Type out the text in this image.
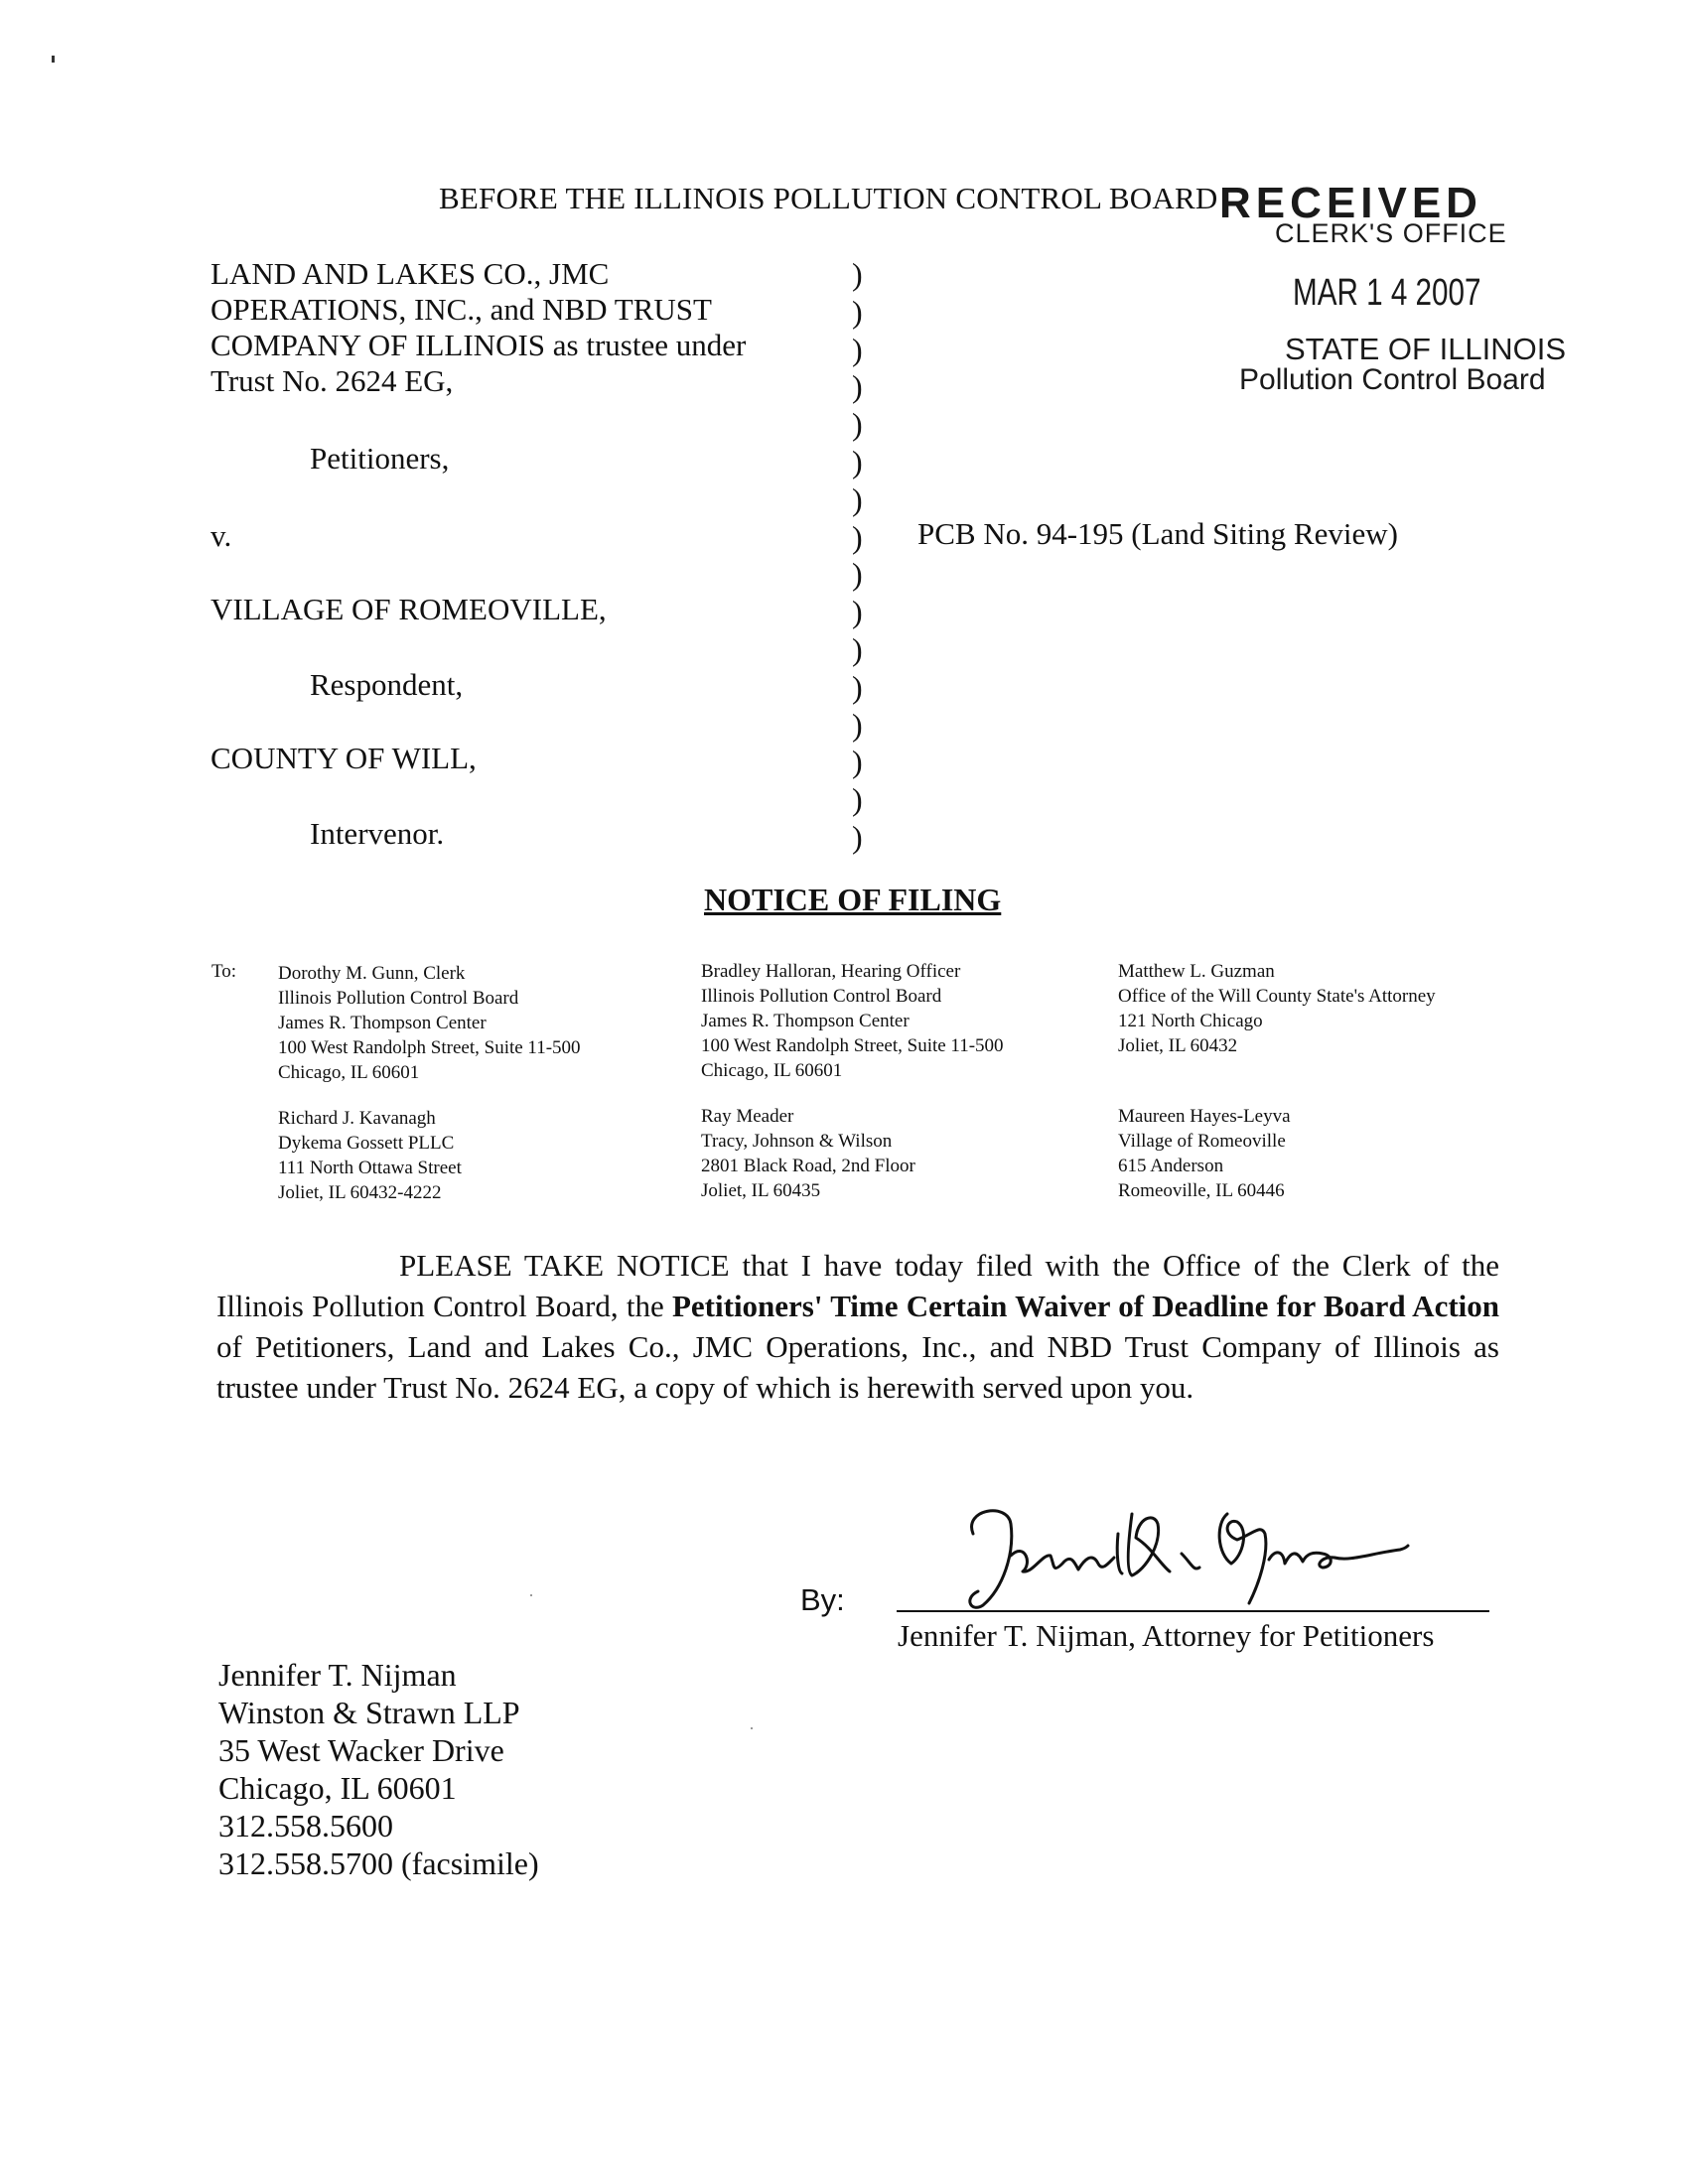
BEFORE THE ILLINOIS POLLUTION CONTROL BOARD RECEIVED
CLERK'S OFFICE
MAR 1 4 2007
STATE OF ILLINOIS
Pollution Control Board
LAND AND LAKES CO., JMC
OPERATIONS, INC., and NBD TRUST
COMPANY OF ILLINOIS as trustee under
Trust No. 2624 EG,
Petitioners,
v.
VILLAGE OF ROMEOVILLE,
Respondent,
COUNTY OF WILL,
Intervenor.
)
)
)
)
)
)
)
)
)
)
)
)
)
)
)
)
PCB No. 94-195 (Land Siting Review)
NOTICE OF FILING
To: Dorothy M. Gunn, Clerk
Illinois Pollution Control Board
James R. Thompson Center
100 West Randolph Street, Suite 11-500
Chicago, IL 60601
Bradley Halloran, Hearing Officer
Illinois Pollution Control Board
James R. Thompson Center
100 West Randolph Street, Suite 11-500
Chicago, IL 60601
Matthew L. Guzman
Office of the Will County State's Attorney
121 North Chicago
Joliet, IL 60432
Richard J. Kavanagh
Dykema Gossett PLLC
111 North Ottawa Street
Joliet, IL 60432-4222
Ray Meader
Tracy, Johnson & Wilson
2801 Black Road, 2nd Floor
Joliet, IL 60435
Maureen Hayes-Leyva
Village of Romeoville
615 Anderson
Romeoville, IL 60446
PLEASE TAKE NOTICE that I have today filed with the Office of the Clerk of the Illinois Pollution Control Board, the Petitioners' Time Certain Waiver of Deadline for Board Action of Petitioners, Land and Lakes Co., JMC Operations, Inc., and NBD Trust Company of Illinois as trustee under Trust No. 2624 EG, a copy of which is herewith served upon you.
By:
Jennifer T. Nijman, Attorney for Petitioners
Jennifer T. Nijman
Winston & Strawn LLP
35 West Wacker Drive
Chicago, IL 60601
312.558.5600
312.558.5700 (facsimile)
